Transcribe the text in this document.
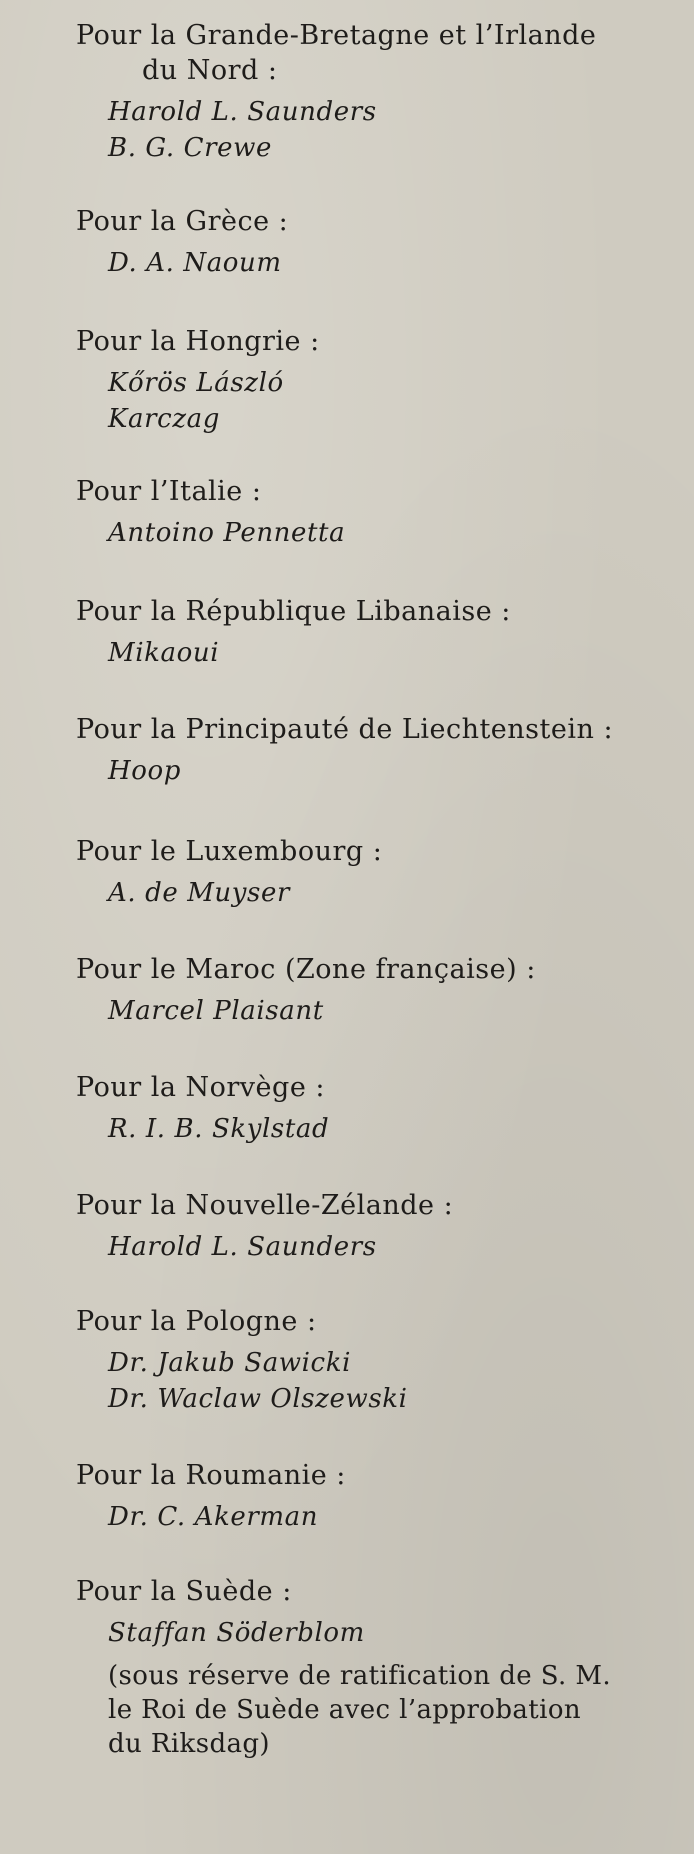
Pour la Grande-Bretagne et l’Irlande

du Nord :

Harold L. Saunders
B. G. Crewe

Pour la Grèce :

D. A. Naoum

Pour la Hongrie :

Kőrös László
Karczag

Pour l’Italie :

Antoino Pennetta

Pour la République Libanaise :

Mikaoui

Pour la Principauté de Liechtenstein :

Hoop

Pour le Luxembourg :

A. de Muyser

Pour le Maroc (Zone française) :

Marcel Plaisant

Pour la Norvège :

R. I. B. Skylstad

Pour la Nouvelle-Zélande :

Harold L. Saunders

Pour la Pologne :

Dr. Jakub Sawicki
Dr. Waclaw Olszewski

Pour la Roumanie :

Dr. C. Akerman

Pour la Suède :

Staffan Söderblom
(sous réserve de ratification de S. M.
le Roi de Suède avec l’approbation
du Riksdag)
